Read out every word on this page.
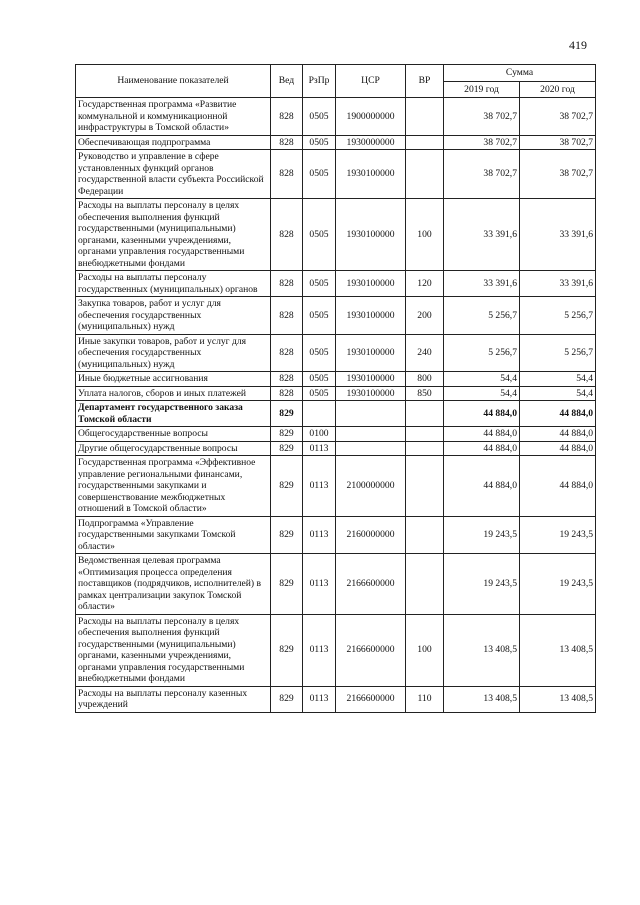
419
Наименование показателей	Вед	РзПр	ЦСР	ВР	Сумма	
					2019 год	2020 год
Государственная программа «Развитие коммунальной и коммуникационной инфраструктуры в Томской области»	828	0505	1900000000		38 702,7	38 702,7
Обеспечивающая подпрограмма	828	0505	1930000000		38 702,7	38 702,7
Руководство и управление в сфере установленных функций органов государственной власти субъекта Российской Федерации	828	0505	1930100000		38 702,7	38 702,7
Расходы на выплаты персоналу в целях обеспечения выполнения функций государственными (муниципальными) органами, казенными учреждениями, органами управления государственными внебюджетными фондами	828	0505	1930100000	100	33 391,6	33 391,6
Расходы на выплаты персоналу государственных (муниципальных) органов	828	0505	1930100000	120	33 391,6	33 391,6
Закупка товаров, работ и услуг для обеспечения государственных (муниципальных) нужд	828	0505	1930100000	200	5 256,7	5 256,7
Иные закупки товаров, работ и услуг для обеспечения государственных (муниципальных) нужд	828	0505	1930100000	240	5 256,7	5 256,7
Иные бюджетные ассигнования	828	0505	1930100000	800	54,4	54,4
Уплата налогов, сборов и иных платежей	828	0505	1930100000	850	54,4	54,4
Департамент государственного заказа Томской области	829				44 884,0	44 884,0
Общегосударственные вопросы	829	0100			44 884,0	44 884,0
Другие общегосударственные вопросы	829	0113			44 884,0	44 884,0
Государственная программа «Эффективное управление региональными финансами, государственными закупками и совершенствование межбюджетных отношений в Томской области»	829	0113	2100000000		44 884,0	44 884,0
Подпрограмма «Управление государственными закупками Томской области»	829	0113	2160000000		19 243,5	19 243,5
Ведомственная целевая программа «Оптимизация процесса определения поставщиков (подрядчиков, исполнителей) в рамках централизации закупок Томской области»	829	0113	2166600000		19 243,5	19 243,5
Расходы на выплаты персоналу в целях обеспечения выполнения функций государственными (муниципальными) органами, казенными учреждениями, органами управления государственными внебюджетными фондами	829	0113	2166600000	100	13 408,5	13 408,5
Расходы на выплаты персоналу казенных учреждений	829	0113	2166600000	110	13 408,5	13 408,5
